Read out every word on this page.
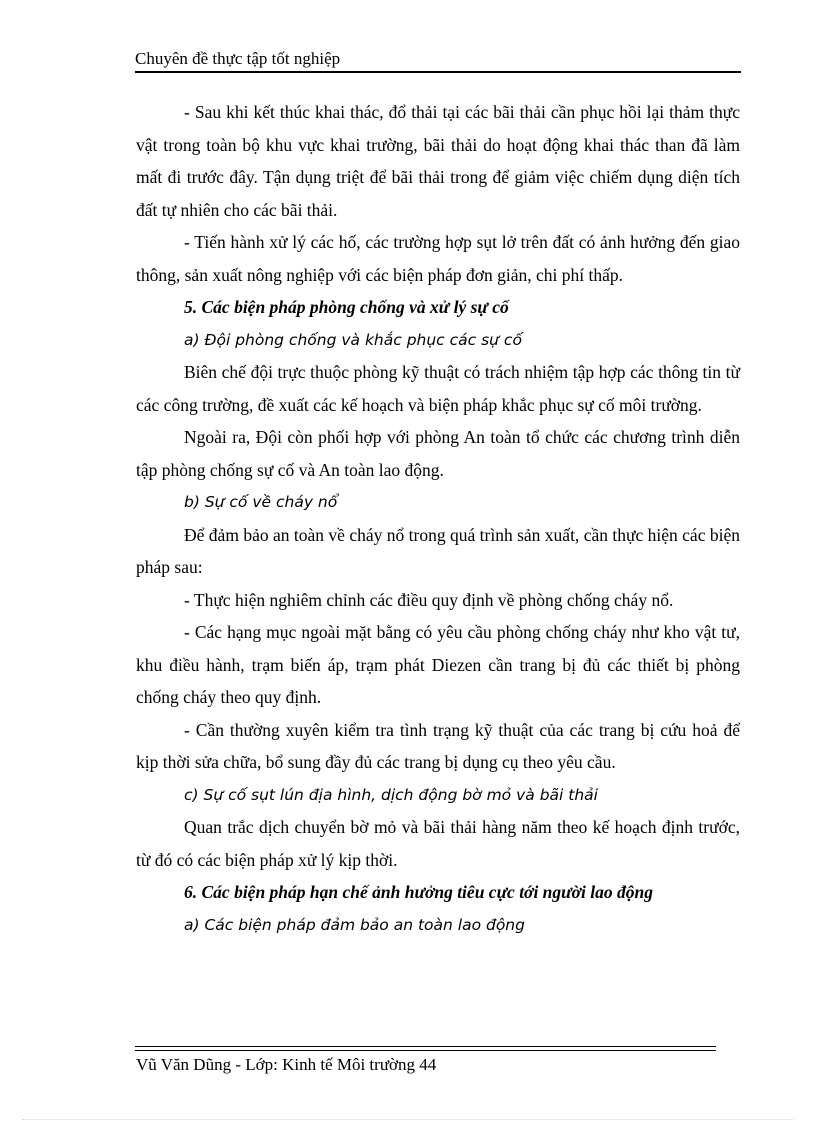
Chuyên đề thực tập tốt nghiệp

- Sau khi kết thúc khai thác, đổ thải tại các bãi thải cần phục hồi lại thảm thực vật trong toàn bộ khu vực khai trường, bãi thải do hoạt động khai thác than đã làm mất đi trước đây. Tận dụng triệt để bãi thải trong để giảm việc chiếm dụng diện tích đất tự nhiên cho các bãi thải.

- Tiến hành xử lý các hố, các trường hợp sụt lở trên đất có ảnh hưởng đến giao thông, sản xuất nông nghiệp với các biện pháp đơn giản, chi phí thấp.

5. Các biện pháp phòng chống và xử lý sự cố

a) Đội phòng chống và khắc phục các sự cố

Biên chế đội trực thuộc phòng kỹ thuật có trách nhiệm tập hợp các thông tin từ các công trường, đề xuất các kế hoạch và biện pháp khắc phục sự cố môi trường.

Ngoài ra, Đội còn phối hợp với phòng An toàn tổ chức các chương trình diễn tập phòng chống sự cố và An toàn lao động.

b) Sự cố về cháy nổ

Để đảm bảo an toàn về cháy nổ trong quá trình sản xuất, cần thực hiện các biện pháp sau:

- Thực hiện nghiêm chỉnh các điều quy định về phòng chống cháy nổ.

- Các hạng mục ngoài mặt bằng có yêu cầu phòng chống cháy như kho vật tư, khu điều hành, trạm biến áp, trạm phát Diezen cần trang bị đủ các thiết bị phòng chống cháy theo quy định.

- Cần thường xuyên kiểm tra tình trạng kỹ thuật của các trang bị cứu hoả để kịp thời sửa chữa, bổ sung đầy đủ các trang bị dụng cụ theo yêu cầu.

c) Sự cố sụt lún địa hình, dịch động bờ mỏ và bãi thải

Quan trắc dịch chuyển bờ mỏ và bãi thải hàng năm theo kế hoạch định trước, từ đó có các biện pháp xử lý kịp thời.

6. Các biện pháp hạn chế ảnh hưởng tiêu cực tới người lao động

a) Các biện pháp đảm bảo an toàn lao động

Vũ Văn Dũng - Lớp: Kinh tế Môi trường 44
